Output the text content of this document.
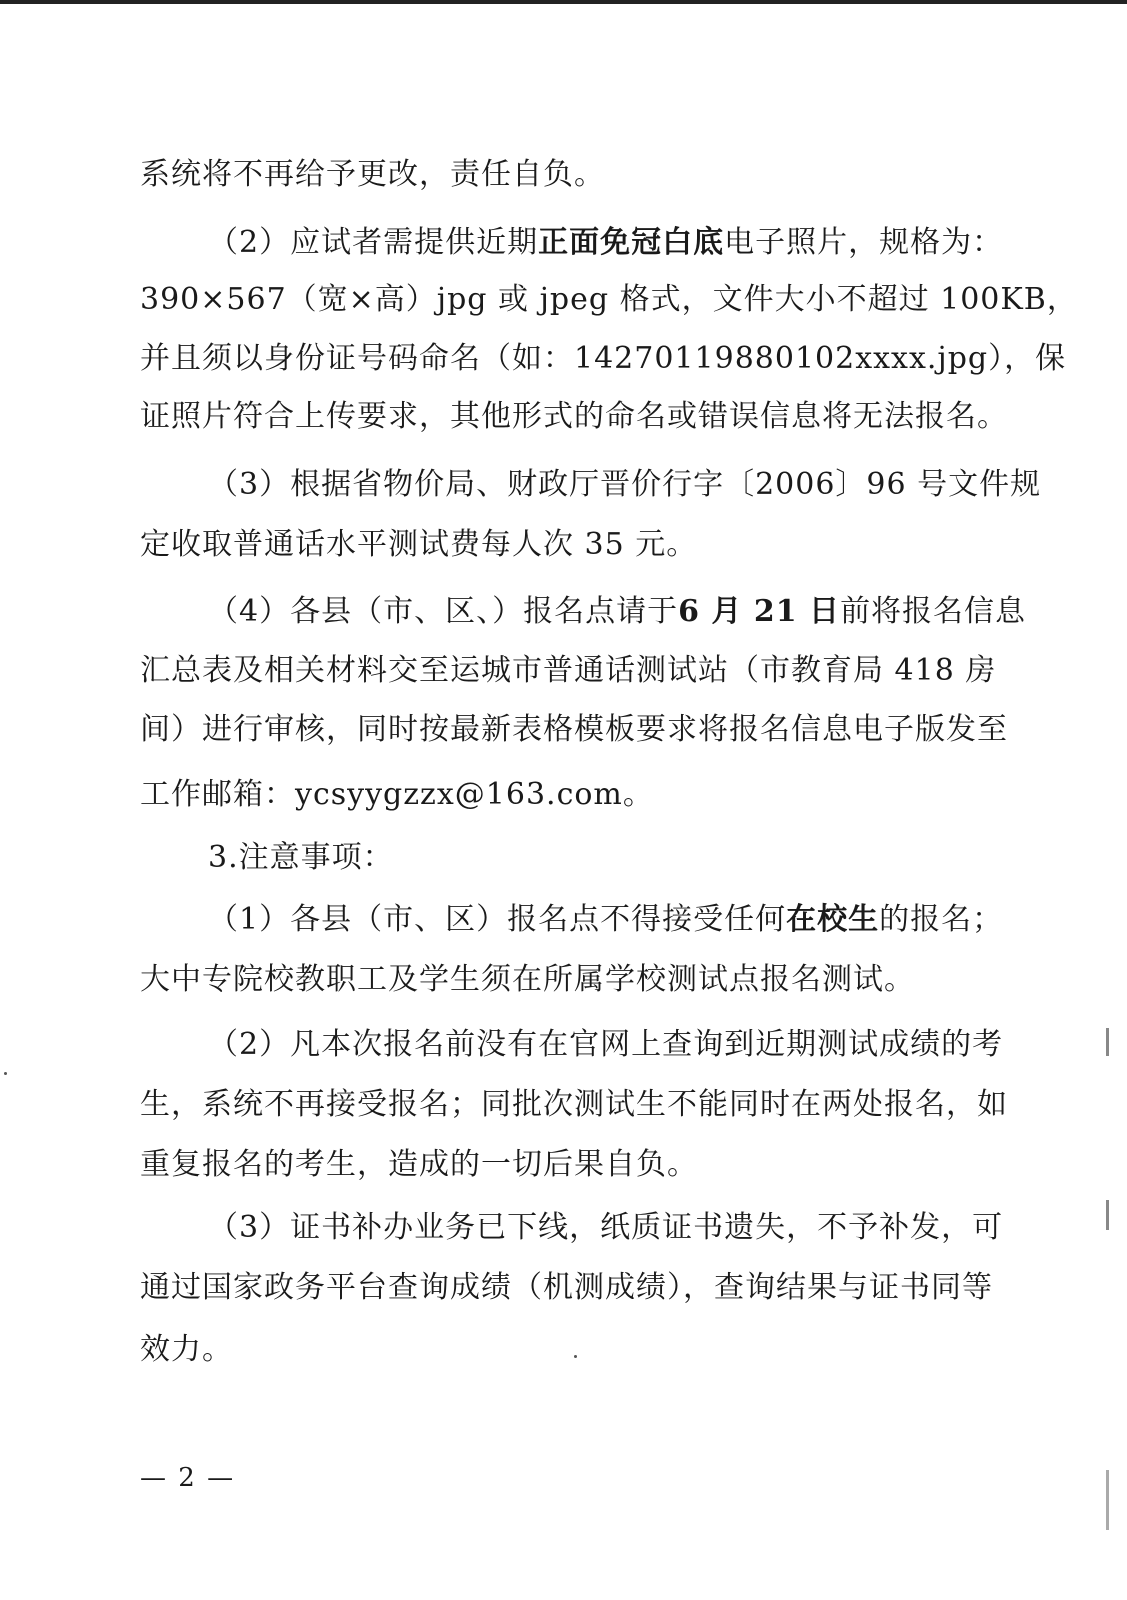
系统将不再给予更改，责任自负。
（2）应试者需提供近期正面免冠白底电子照片，规格为：
390×567（宽×高）jpg 或 jpeg 格式，文件大小不超过 100KB，
并且须以身份证号码命名（如：14270119880102xxxx.jpg），保
证照片符合上传要求，其他形式的命名或错误信息将无法报名。
（3）根据省物价局、财政厅晋价行字〔2006〕96 号文件规
定收取普通话水平测试费每人次 35 元。
（4）各县（市、区、）报名点请于6 月 21 日前将报名信息
汇总表及相关材料交至运城市普通话测试站（市教育局 418 房
间）进行审核，同时按最新表格模板要求将报名信息电子版发至
工作邮箱：ycsyygzzx@163.com。
3.注意事项：
（1）各县（市、区）报名点不得接受任何在校生的报名；
大中专院校教职工及学生须在所属学校测试点报名测试。
（2）凡本次报名前没有在官网上查询到近期测试成绩的考
生，系统不再接受报名；同批次测试生不能同时在两处报名，如
重复报名的考生，造成的一切后果自负。
（3）证书补办业务已下线，纸质证书遗失，不予补发，可
通过国家政务平台查询成绩（机测成绩），查询结果与证书同等
效力。
— 2 —
